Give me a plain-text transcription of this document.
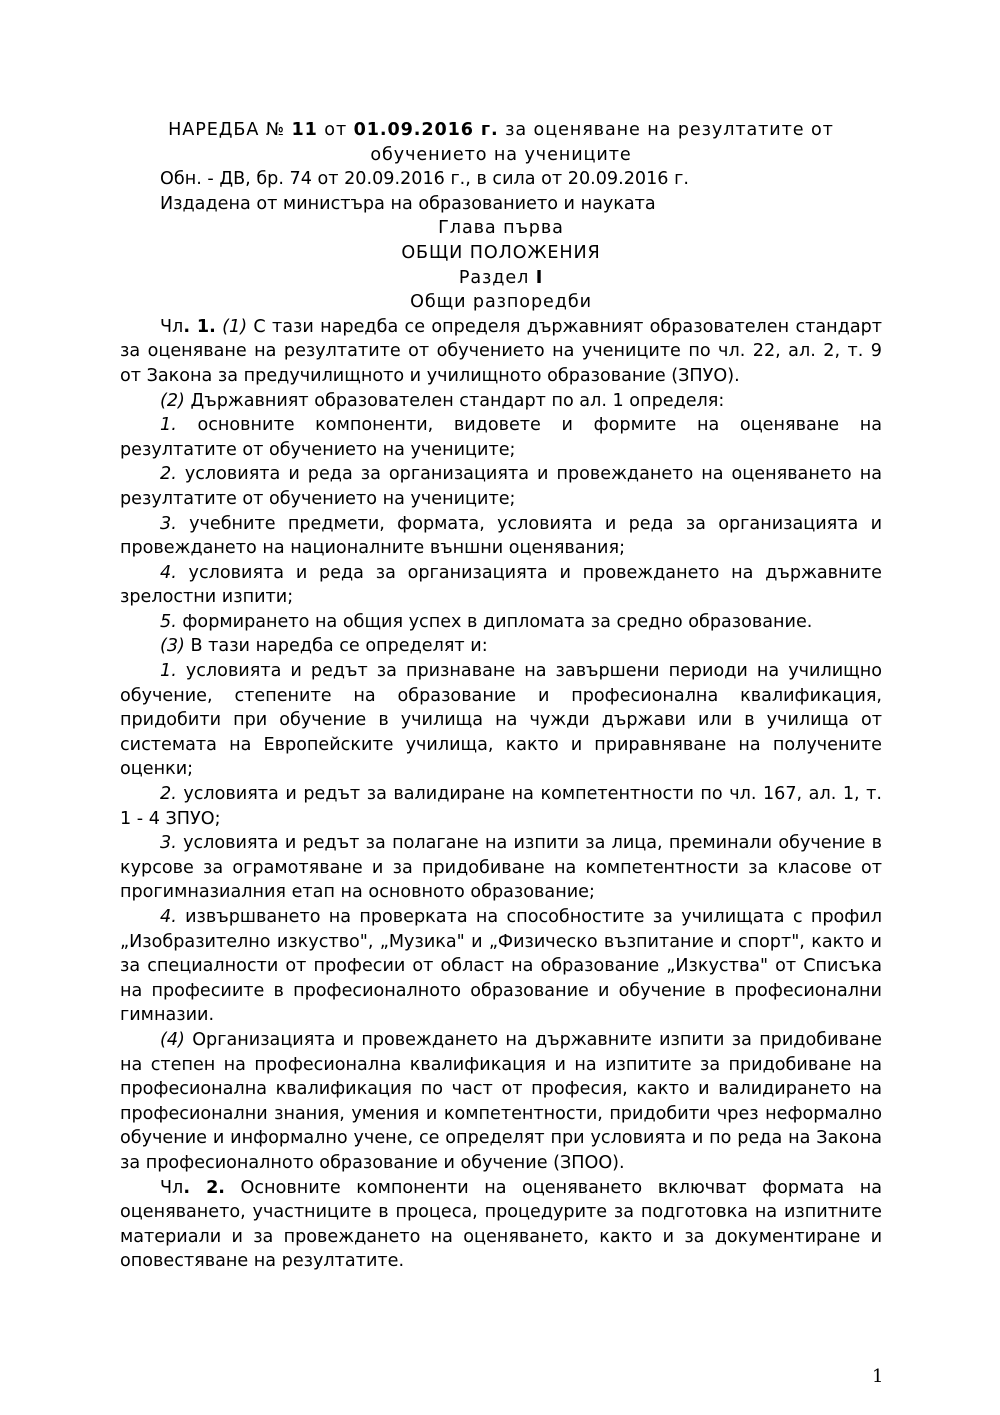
НАРЕДБА № 11 от 01.09.2016 г. за оценяване на резултатите от
обучението на учениците
Обн. - ДВ, бр. 74 от 20.09.2016 г., в сила от 20.09.2016 г.
Издадена от министъра на образованието и науката
Глава първа
ОБЩИ ПОЛОЖЕНИЯ
Раздел I
Общи разпоредби
Чл. 1. (1) С тази наредба се определя държавният образователен стандарт за оценяване на резултатите от обучението на учениците по чл. 22, ал. 2, т. 9 от Закона за предучилищното и училищното образование (ЗПУО).
(2) Държавният образователен стандарт по ал. 1 определя:
1. основните компоненти, видовете и формите на оценяване на резултатите от обучението на учениците;
2. условията и реда за организацията и провеждането на оценяването на резултатите от обучението на учениците;
3. учебните предмети, формата, условията и реда за организацията и провеждането на националните външни оценявания;
4. условията и реда за организацията и провеждането на държавните зрелостни изпити;
5. формирането на общия успех в дипломата за средно образование.
(3) В тази наредба се определят и:
1. условията и редът за признаване на завършени периоди на училищно обучение, степените на образование и професионална квалификация, придобити при обучение в училища на чужди държави или в училища от системата на Европейските училища, както и приравняване на получените оценки;
2. условията и редът за валидиране на компетентности по чл. 167, ал. 1, т. 1 - 4 ЗПУО;
3. условията и редът за полагане на изпити за лица, преминали обучение в курсове за ограмотяване и за придобиване на компетентности за класове от прогимназиалния етап на основното образование;
4. извършването на проверката на способностите за училищата с профил „Изобразително изкуство", „Музика" и „Физическо възпитание и спорт", както и за специалности от професии от област на образование „Изкуства" от Списъка на професиите в професионалното образование и обучение в професионални гимназии.
(4) Организацията и провеждането на държавните изпити за придобиване на степен на професионална квалификация и на изпитите за придобиване на професионална квалификация по част от професия, както и валидирането на професионални знания, умения и компетентности, придобити чрез неформално обучение и информално учене, се определят при условията и по реда на Закона за професионалното образование и обучение (ЗПОО).
Чл. 2. Основните компоненти на оценяването включват формата на оценяването, участниците в процеса, процедурите за подготовка на изпитните материали и за провеждането на оценяването, както и за документиране и оповестяване на резултатите.
1
